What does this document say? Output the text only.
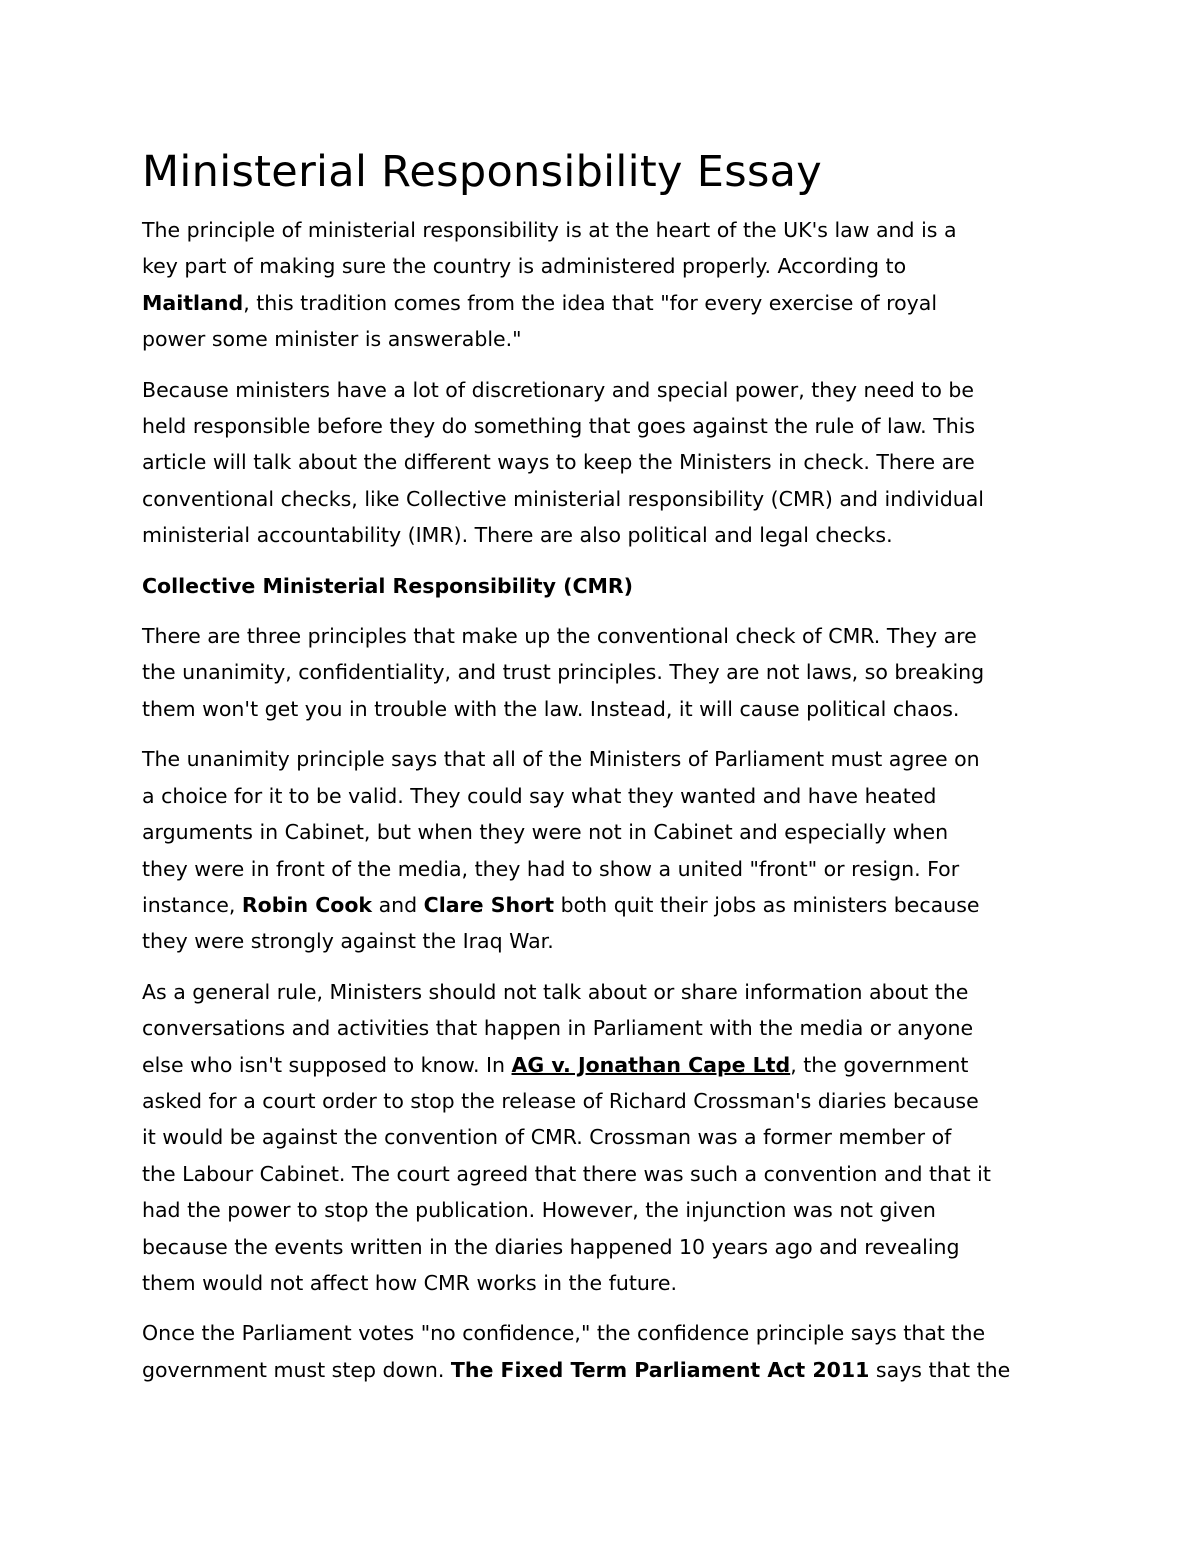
Ministerial Responsibility Essay

The principle of ministerial responsibility is at the heart of the UK's law and is a
key part of making sure the country is administered properly. According to
Maitland, this tradition comes from the idea that "for every exercise of royal
power some minister is answerable."

Because ministers have a lot of discretionary and special power, they need to be
held responsible before they do something that goes against the rule of law. This
article will talk about the different ways to keep the Ministers in check. There are
conventional checks, like Collective ministerial responsibility (CMR) and individual
ministerial accountability (IMR). There are also political and legal checks.

Collective Ministerial Responsibility (CMR)

There are three principles that make up the conventional check of CMR. They are
the unanimity, confidentiality, and trust principles. They are not laws, so breaking
them won't get you in trouble with the law. Instead, it will cause political chaos.

The unanimity principle says that all of the Ministers of Parliament must agree on
a choice for it to be valid. They could say what they wanted and have heated
arguments in Cabinet, but when they were not in Cabinet and especially when
they were in front of the media, they had to show a united "front" or resign. For
instance, Robin Cook and Clare Short both quit their jobs as ministers because
they were strongly against the Iraq War.

As a general rule, Ministers should not talk about or share information about the
conversations and activities that happen in Parliament with the media or anyone
else who isn't supposed to know. In AG v. Jonathan Cape Ltd, the government
asked for a court order to stop the release of Richard Crossman's diaries because
it would be against the convention of CMR. Crossman was a former member of
the Labour Cabinet. The court agreed that there was such a convention and that it
had the power to stop the publication. However, the injunction was not given
because the events written in the diaries happened 10 years ago and revealing
them would not affect how CMR works in the future.

Once the Parliament votes "no confidence," the confidence principle says that the
government must step down. The Fixed Term Parliament Act 2011 says that the
